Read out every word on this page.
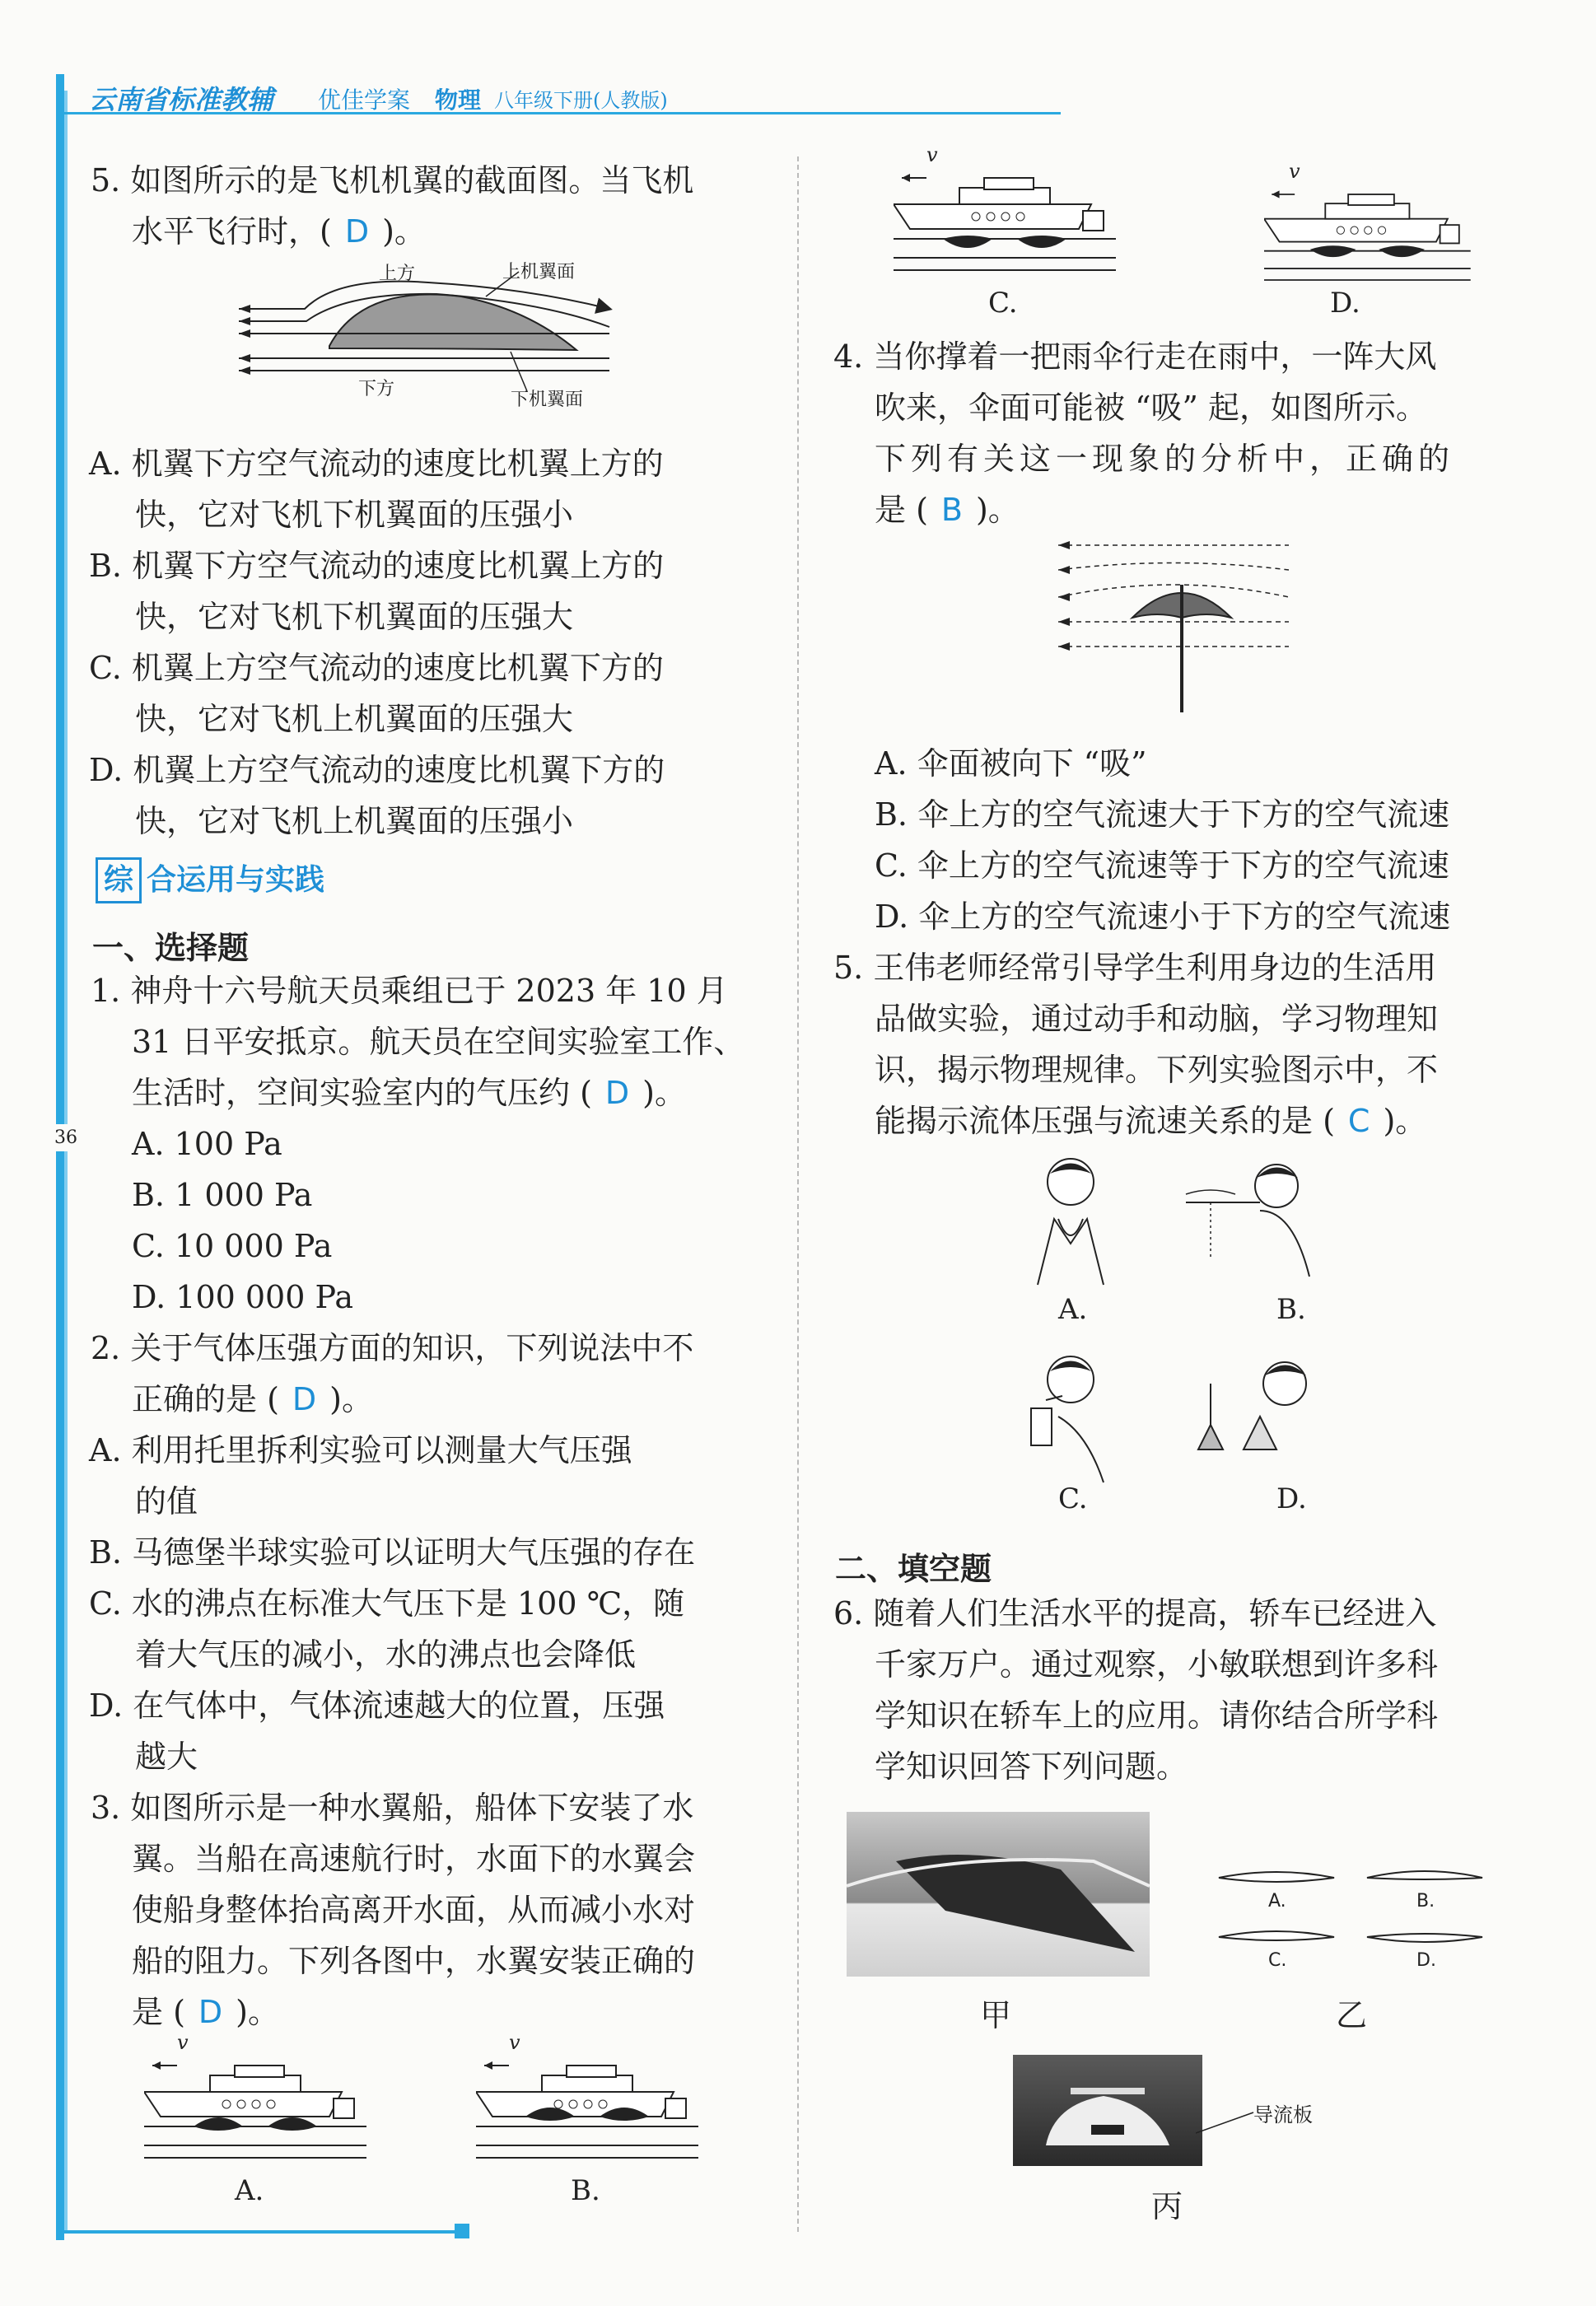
36
云南省标准教辅 优佳学案 物理 八年级下册(人教版)

5. 如图所示的是飞机机翼的截面图。当飞机

水平飞行时，( D )。

上方	上机翼面
下方
下机翼面

A. 机翼下方空气流动的速度比机翼上方的
快，它对飞机下机翼面的压强小

B. 机翼下方空气流动的速度比机翼上方的
快，它对飞机下机翼面的压强大

C. 机翼上方空气流动的速度比机翼下方的
快，它对飞机上机翼面的压强大

D. 机翼上方空气流动的速度比机翼下方的
快，它对飞机上机翼面的压强小

综 合运用与实践
一、选择题

1. 神舟十六号航天员乘组已于 2023 年 10 月

31 日平安抵京。航天员在空间实验室工作、

生活时，空间实验室内的气压约 ( D )。

A. 100 Pa

B. 1 000 Pa

C. 10 000 Pa

D. 100 000 Pa

2. 关于气体压强方面的知识，下列说法中不

正确的是 ( D )。

A. 利用托里拆利实验可以测量大气压强
的值

B. 马德堡半球实验可以证明大气压强的存在

C. 水的沸点在标准大气压下是 100 ℃，随
着大气压的减小，水的沸点也会降低

D. 在气体中，气体流速越大的位置，压强
越大

3. 如图所示是一种水翼船，船体下安装了水

翼。当船在高速航行时，水面下的水翼会

使船身整体抬高离开水面，从而减小水对

船的阻力。下列各图中，水翼安装正确的

是 ( D )。

v
A.
v
B.
v
C.
v
D.

4. 当你撑着一把雨伞行走在雨中，一阵大风

吹来，伞面可能被 “吸” 起，如图所示。

下列有关这一现象的分析中，正确的

是 ( B )。

A. 伞面被向下 “吸”

B. 伞上方的空气流速大于下方的空气流速

C. 伞上方的空气流速等于下方的空气流速

D. 伞上方的空气流速小于下方的空气流速

5. 王伟老师经常引导学生利用身边的生活用

品做实验，通过动手和动脑，学习物理知

识，揭示物理规律。下列实验图示中，不

能揭示流体压强与流速关系的是 ( C )。

A.	B.
C.	D.
二、填空题

6. 随着人们生活水平的提高，轿车已经进入

千家万户。通过观察，小敏联想到许多科

学知识在轿车上的应用。请你结合所学科

学知识回答下列问题。

甲
A.	B.
C.	D.
乙
导流板
丙
